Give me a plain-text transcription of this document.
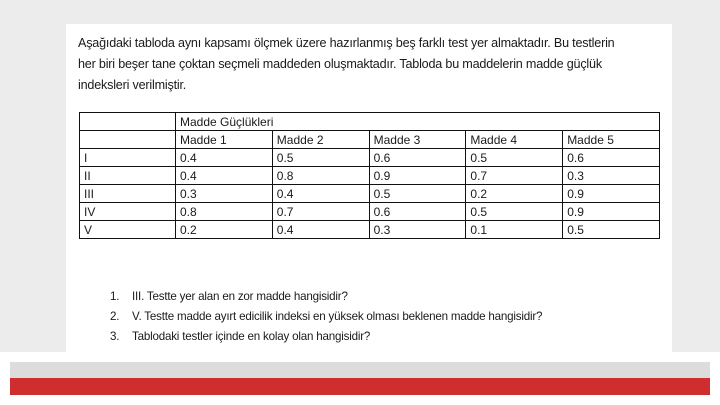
Aşağıdaki tabloda aynı kapsamı ölçmek üzere hazırlanmış beş farklı test yer almaktadır. Bu testlerin
her biri beşer tane çoktan seçmeli maddeden oluşmaktadır. Tabloda bu maddelerin madde güçlük
indeksleri verilmiştir.
	Madde Güçlükleri				
	Madde 1	Madde 2	Madde 3	Madde 4	Madde 5
I	0.4	0.5	0.6	0.5	0.6
II	0.4	0.8	0.9	0.7	0.3
III	0.3	0.4	0.5	0.2	0.9
IV	0.8	0.7	0.6	0.5	0.9
V	0.2	0.4	0.3	0.1	0.5
1. III. Testte yer alan en zor madde hangisidir?
2. V. Testte madde ayırt edicilik indeksi en yüksek olması beklenen madde hangisidir?
3. Tablodaki testler içinde en kolay olan hangisidir?
